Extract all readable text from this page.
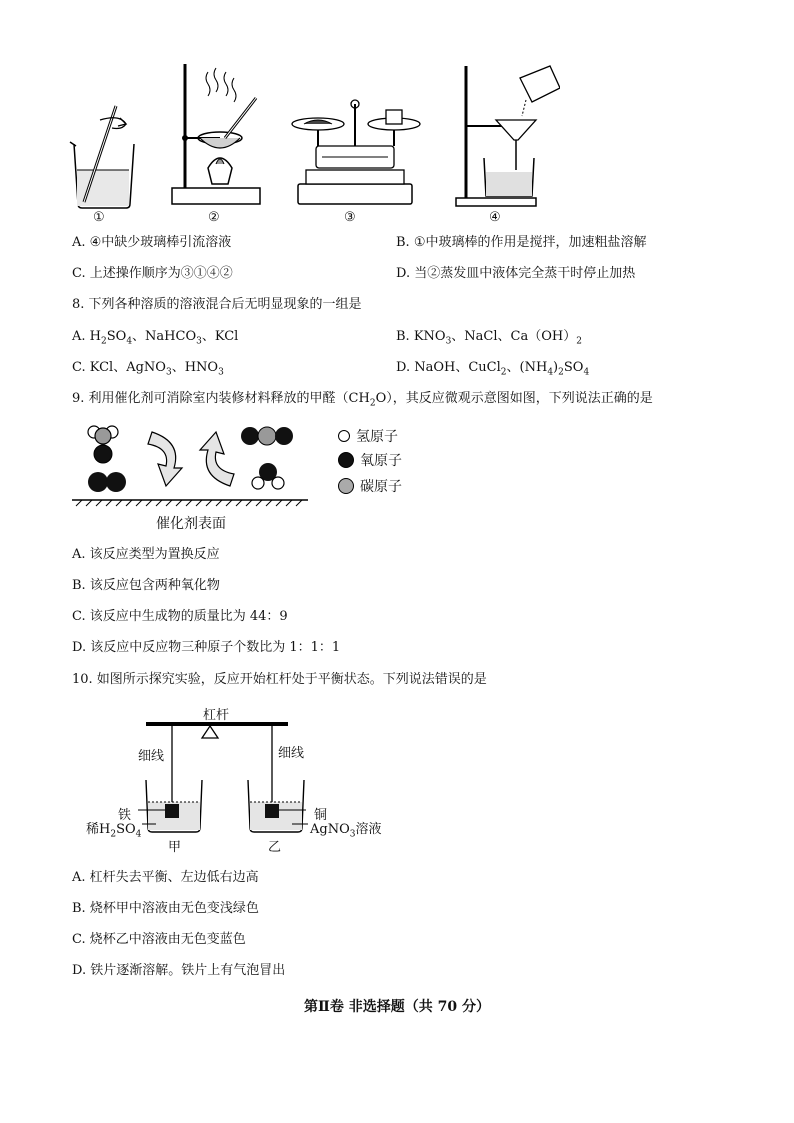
①	②	③	④
A. ④中缺少玻璃棒引流溶液	B. ①中玻璃棒的作用是搅拌，加速粗盐溶解
C. 上述操作顺序为③①④②	D. 当②蒸发皿中液体完全蒸干时停止加热
8. 下列各种溶质的溶液混合后无明显现象的一组是
A. $H_2SO_4$、NaHCO$_3$、KCl	B. $KNO_3$、NaCl、$Ca(OH)_2$
C. KCl、AgNO$_3$、$HNO_3$	D. NaOH、CuCl$_2$、$(NH_4)_2SO_4$
9. 利用催化剂可消除室内装修材料释放的甲醛$(CH_2O)$，其反应微观示意图如图，下列说法正确的是
催化剂表面
氢原子
氧原子
碳原子
A. 该反应类型为置换反应
B. 该反应包含两种氧化物
C. 该反应中生成物的质量比为 44：9
D. 该反应中反应物三种原子个数比为 1：1：1
10. 如图所示探究实验，反应开始杠杆处于平衡状态。下列说法错误的是
杠杆
细线	细线
铁
稀$H_2SO_4$
铜
AgNO$_3$溶液
甲	乙
A. 杠杆失去平衡、左边低右边高
B. 烧杯甲中溶液由无色变浅绿色
C. 烧杯乙中溶液由无色变蓝色
D. 铁片逐渐溶解。铁片上有气泡冒出
第Ⅱ卷 非选择题（共 70 分）
